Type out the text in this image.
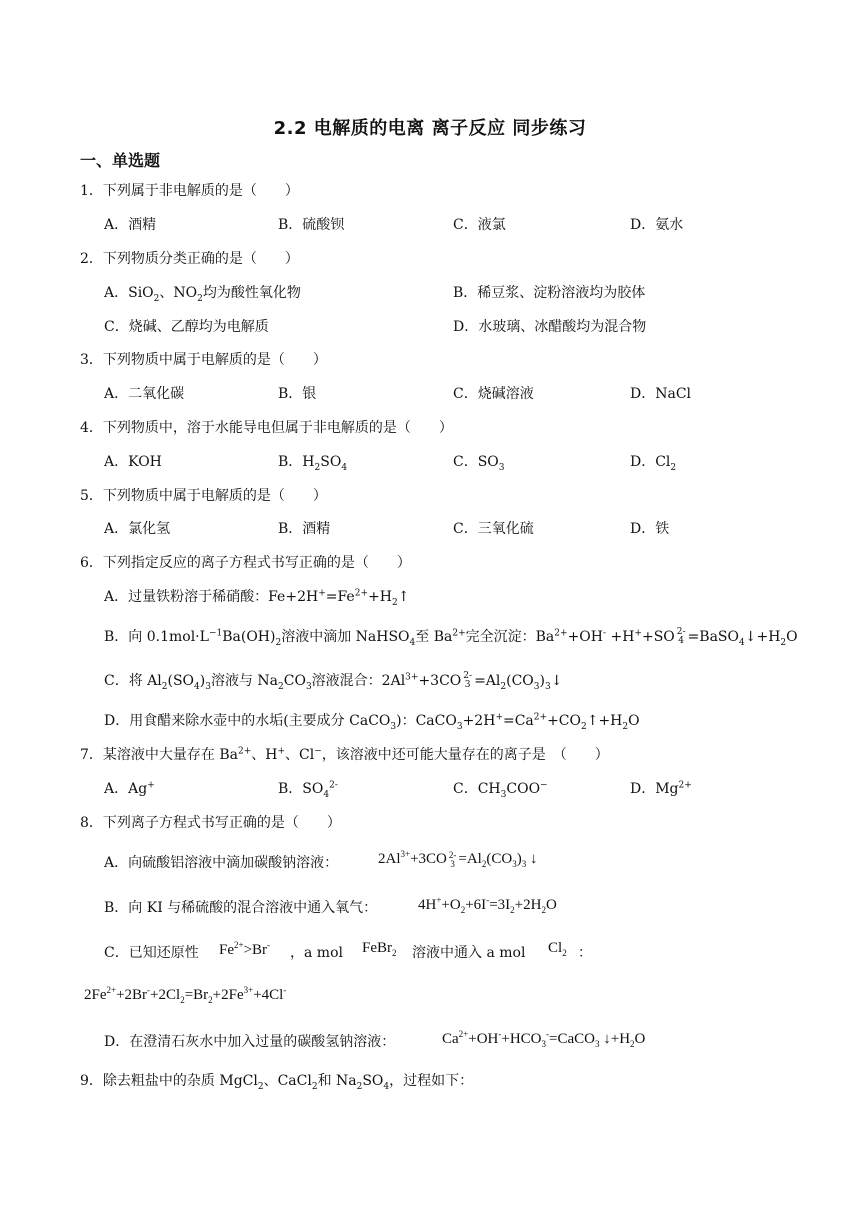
2.2 电解质的电离 离子反应 同步练习
一、单选题
1．下列属于非电解质的是（　　）
A．酒精	B．硫酸钡	C．液氯	D．氨水
2．下列物质分类正确的是（　　）
A．SiO$_2$、$NO_2$均为酸性氧化物	B．稀豆浆、淀粉溶液均为胶体
C．烧碱、乙醇均为电解质	D．水玻璃、冰醋酸均为混合物
3．下列物质中属于电解质的是（　　）
A．二氧化碳	B．银	C．烧碱溶液	D．NaCl
4．下列物质中，溶于水能导电但属于非电解质的是（　　）
A．KOH	B．$H_2SO_4$	C．$SO_3$	D．$Cl_2$
5．下列物质中属于电解质的是（　　）
A．氯化氢	B．酒精	C．三氧化硫	D．铁
6．下列指定反应的离子方程式书写正确的是（　　）
A．过量铁粉溶于稀硝酸：$Fe+2H^+=Fe^{2+}+H_2↑$
B．向 $0.1mol\cdot L^{-1}Ba(OH)_2$溶液中滴加 NaHSO$_4$至 $Ba^{2+}$完全沉淀：$Ba^{2+}+OH^- +H^++SO$ 2-
$4 =BaSO_4↓+H_2O$
C．将 $Al_2(SO_4)_3$溶液与 $Na_2CO_3$溶液混合：$2Al^{3+}+3CO$ 2-
$3 =Al_2(CO_3)_3↓$
D．用食醋来除水壶中的水垢(主要成分 CaCO$_3$)：$CaCO_3+2H^+=Ca^{2+}+CO_2↑+H_2O$
7．某溶液中大量存在 $Ba^{2+}$、H+、Cl−，该溶液中还可能大量存在的离子是　（　　）
A．Ag+	B．$SO_4^{2-}$	C．$CH_3COO^-$	D．$Mg^{2+}$
8．下列离子方程式书写正确的是（　　）
A．向硫酸铝溶液中滴加碳酸钠溶液：	$2Al^{3+}+3CO$ 2-
$3 =Al_2(CO_3)_3$ ↓
B．向 KI 与稀硫酸的混合溶液中通入氧气：	$4H^++O_2+6I^-=3I_2+2H_2O$
C．已知还原性 $Fe^{2+}>Br^-$ ，a mol FeBr$_2$ 溶液中通入 a mol $Cl_2$ ：
$2Fe^{2+}+2Br^-+2Cl_2=Br_2+2Fe^{3+}+4Cl^-$
D．在澄清石灰水中加入过量的碳酸氢钠溶液：	$Ca^{2+}+OH^-+HCO_3^-=CaCO_3$ $↓+H_2O$
9．除去粗盐中的杂质 MgCl$_2$、CaCl$_2$和 $Na_2SO_4$，过程如下：
